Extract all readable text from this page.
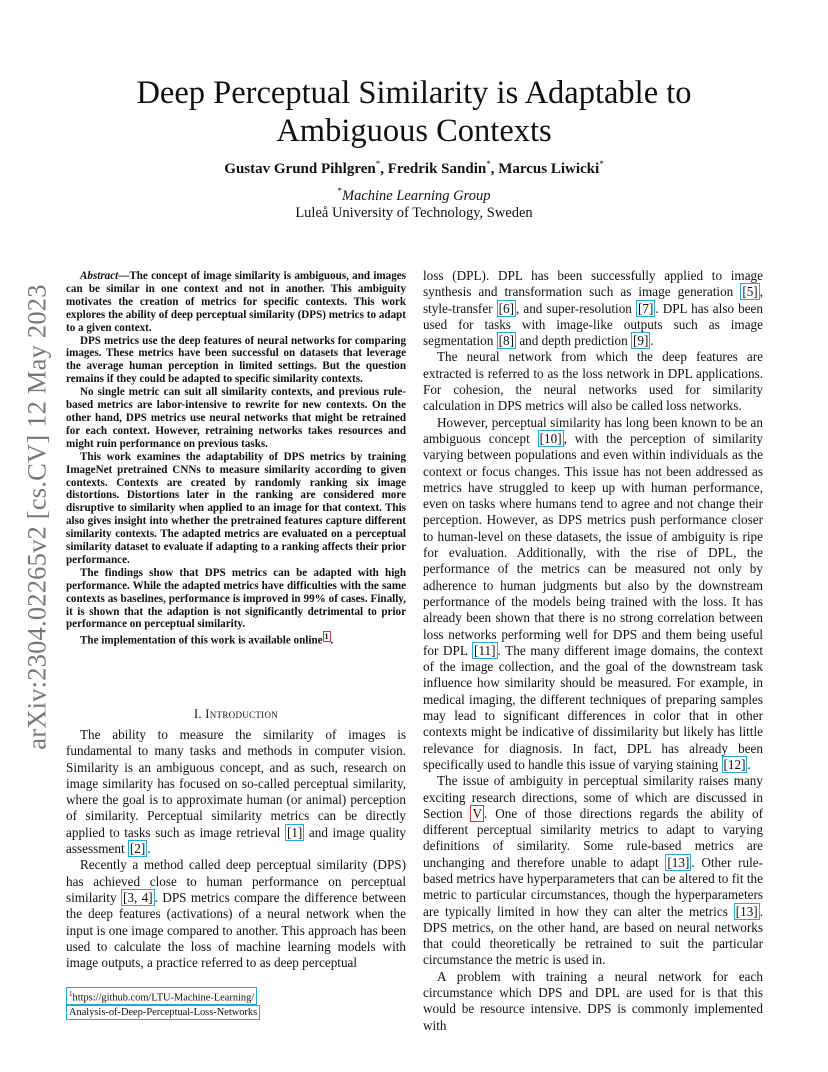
arXiv:2304.02265v2 [cs.CV] 12 May 2023
Deep Perceptual Similarity is Adaptable to
Ambiguous Contexts
Gustav Grund Pihlgren*, Fredrik Sandin*, Marcus Liwicki*
*Machine Learning Group
Luleå University of Technology, Sweden

Abstract—The concept of image similarity is ambiguous, and images can be similar in one context and not in another. This ambiguity motivates the creation of metrics for specific contexts. This work explores the ability of deep perceptual similarity (DPS) metrics to adapt to a given context.

DPS metrics use the deep features of neural networks for comparing images. These metrics have been successful on datasets that leverage the average human perception in limited settings. But the question remains if they could be adapted to specific similarity contexts.

No single metric can suit all similarity contexts, and previous rule-based metrics are labor-intensive to rewrite for new contexts. On the other hand, DPS metrics use neural networks that might be retrained for each context. However, retraining networks takes resources and might ruin performance on previous tasks.

This work examines the adaptability of DPS metrics by training ImageNet pretrained CNNs to measure similarity according to given contexts. Contexts are created by randomly ranking six image distortions. Distortions later in the ranking are considered more disruptive to similarity when applied to an image for that context. This also gives insight into whether the pretrained features capture different similarity contexts. The adapted metrics are evaluated on a perceptual similarity dataset to evaluate if adapting to a ranking affects their prior performance.

The findings show that DPS metrics can be adapted with high performance. While the adapted metrics have difficulties with the same contexts as baselines, performance is improved in 99% of cases. Finally, it is shown that the adaption is not significantly detrimental to prior performance on perceptual similarity.

The implementation of this work is available online $^1$ .

I. Introduction

The ability to measure the similarity of images is fundamental to many tasks and methods in computer vision. Similarity is an ambiguous concept, and as such, research on image similarity has focused on so-called perceptual similarity, where the goal is to approximate human (or animal) perception of similarity. Perceptual similarity metrics can be directly applied to tasks such as image retrieval [1] and image quality assessment [2] .

Recently a method called deep perceptual similarity (DPS) has achieved close to human performance on perceptual similarity [3, 4] . DPS metrics compare the difference between the deep features (activations) of a neural network when the input is one image compared to another. This approach has been used to calculate the loss of machine learning models with image outputs, a practice referred to as deep perceptual

loss (DPL). DPL has been successfully applied to image synthesis and transformation such as image generation [5] , style-transfer [6] , and super-resolution [7] . DPL has also been used for tasks with image-like outputs such as image segmentation [8] and depth prediction [9] .

The neural network from which the deep features are extracted is referred to as the loss network in DPL applications. For cohesion, the neural networks used for similarity calculation in DPS metrics will also be called loss networks.

However, perceptual similarity has long been known to be an ambiguous concept [10] , with the perception of similarity varying between populations and even within individuals as the context or focus changes. This issue has not been addressed as metrics have struggled to keep up with human performance, even on tasks where humans tend to agree and not change their perception. However, as DPS metrics push performance closer to human-level on these datasets, the issue of ambiguity is ripe for evaluation. Additionally, with the rise of DPL, the performance of the metrics can be measured not only by adherence to human judgments but also by the downstream performance of the models being trained with the loss. It has already been shown that there is no strong correlation between loss networks performing well for DPS and them being useful for DPL [11] . The many different image domains, the context of the image collection, and the goal of the downstream task influence how similarity should be measured. For example, in medical imaging, the different techniques of preparing samples may lead to significant differences in color that in other contexts might be indicative of dissimilarity but likely has little relevance for diagnosis. In fact, DPL has already been specifically used to handle this issue of varying staining [12] .

The issue of ambiguity in perceptual similarity raises many exciting research directions, some of which are discussed in Section V . One of those directions regards the ability of different perceptual similarity metrics to adapt to varying definitions of similarity. Some rule-based metrics are unchanging and therefore unable to adapt [13] . Other rule-based metrics have hyperparameters that can be altered to fit the metric to particular circumstances, though the hyperparameters are typically limited in how they can alter the metrics [13] . DPS metrics, on the other hand, are based on neural networks that could theoretically be retrained to suit the particular circumstance the metric is used in.

A problem with training a neural network for each circumstance which DPS and DPL are used for is that this would be resource intensive. DPS is commonly implemented with

$^1$https://github.com/LTU-Machine-Learning/
Analysis-of-Deep-Perceptual-Loss-Networks
